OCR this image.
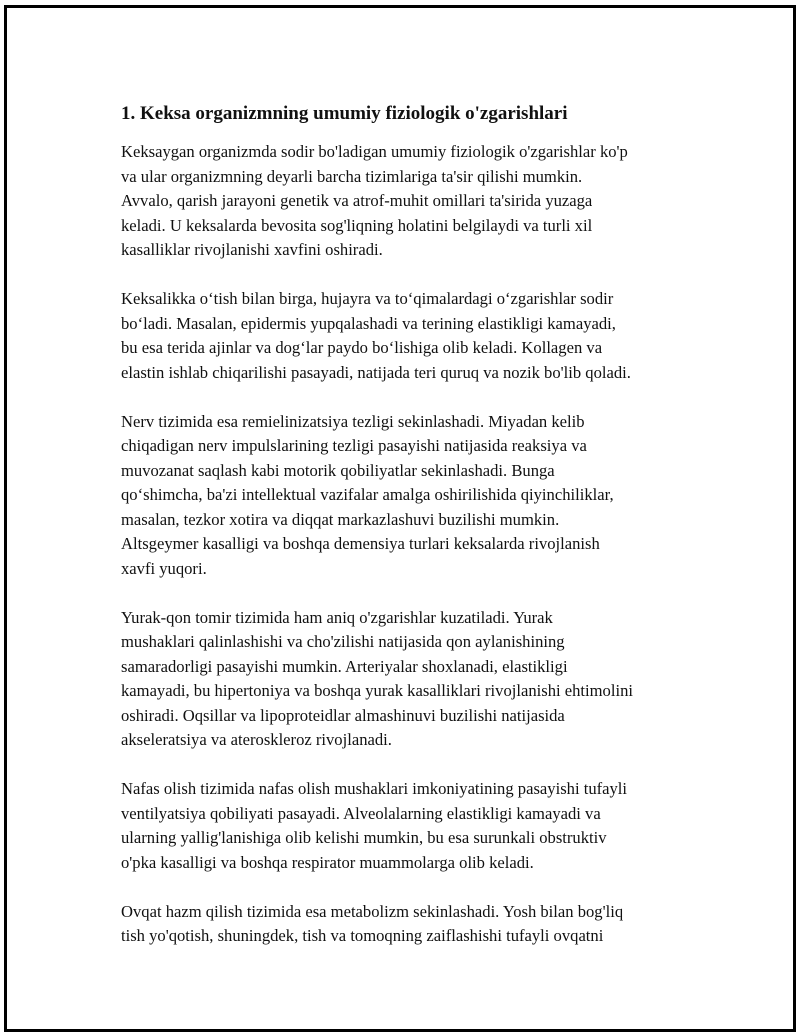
1. Keksa organizmning umumiy fiziologik o'zgarishlari
Keksaygan organizmda sodir bo'ladigan umumiy fiziologik o'zgarishlar ko'p
va ular organizmning deyarli barcha tizimlariga ta'sir qilishi mumkin.
Avvalo, qarish jarayoni genetik va atrof-muhit omillari ta'sirida yuzaga
keladi. U keksalarda bevosita sog'liqning holatini belgilaydi va turli xil
kasalliklar rivojlanishi xavfini oshiradi.
Keksalikka o‘tish bilan birga, hujayra va to‘qimalardagi o‘zgarishlar sodir
bo‘ladi. Masalan, epidermis yupqalashadi va terining elastikligi kamayadi,
bu esa terida ajinlar va dog‘lar paydo bo‘lishiga olib keladi. Kollagen va
elastin ishlab chiqarilishi pasayadi, natijada teri quruq va nozik bo'lib qoladi.
Nerv tizimida esa remielinizatsiya tezligi sekinlashadi. Miyadan kelib
chiqadigan nerv impulslarining tezligi pasayishi natijasida reaksiya va
muvozanat saqlash kabi motorik qobiliyatlar sekinlashadi. Bunga
qo‘shimcha, ba'zi intellektual vazifalar amalga oshirilishida qiyinchiliklar,
masalan, tezkor xotira va diqqat markazlashuvi buzilishi mumkin.
Altsgeymer kasalligi va boshqa demensiya turlari keksalarda rivojlanish
xavfi yuqori.
Yurak-qon tomir tizimida ham aniq o'zgarishlar kuzatiladi. Yurak
mushaklari qalinlashishi va cho'zilishi natijasida qon aylanishining
samaradorligi pasayishi mumkin. Arteriyalar shoxlanadi, elastikligi
kamayadi, bu hipertoniya va boshqa yurak kasalliklari rivojlanishi ehtimolini
oshiradi. Oqsillar va lipoproteidlar almashinuvi buzilishi natijasida
akseleratsiya va ateroskleroz rivojlanadi.
Nafas olish tizimida nafas olish mushaklari imkoniyatining pasayishi tufayli
ventilyatsiya qobiliyati pasayadi. Alveolalarning elastikligi kamayadi va
ularning yallig'lanishiga olib kelishi mumkin, bu esa surunkali obstruktiv
o'pka kasalligi va boshqa respirator muammolarga olib keladi.
Ovqat hazm qilish tizimida esa metabolizm sekinlashadi. Yosh bilan bog'liq
tish yo'qotish, shuningdek, tish va tomoqning zaiflashishi tufayli ovqatni
